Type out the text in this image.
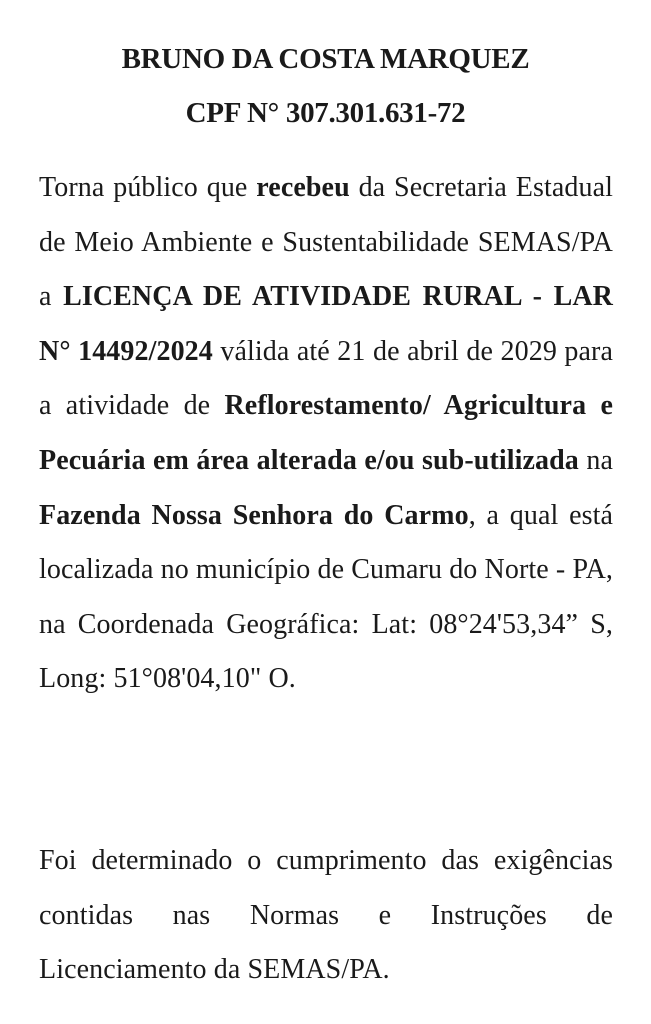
BRUNO DA COSTA MARQUEZ
CPF N° 307.301.631-72

Torna público que recebeu da Secretaria Estadual de Meio Ambiente e Sustentabilidade SEMAS/PA a LICENÇA DE ATIVIDADE RURAL - LAR N° 14492/2024 válida até 21 de abril de 2029 para a atividade de Reflorestamento/ Agricultura e Pecuária em área alterada e/ou sub-utilizada na Fazenda Nossa Senhora do Carmo, a qual está localizada no município de Cumaru do Norte - PA, na Coordenada Geográfica: Lat: 08°24'53,34” S, Long: 51°08'04,10" O.

Foi determinado o cumprimento das exigências contidas nas Normas e Instruções de Licenciamento da SEMAS/PA.
